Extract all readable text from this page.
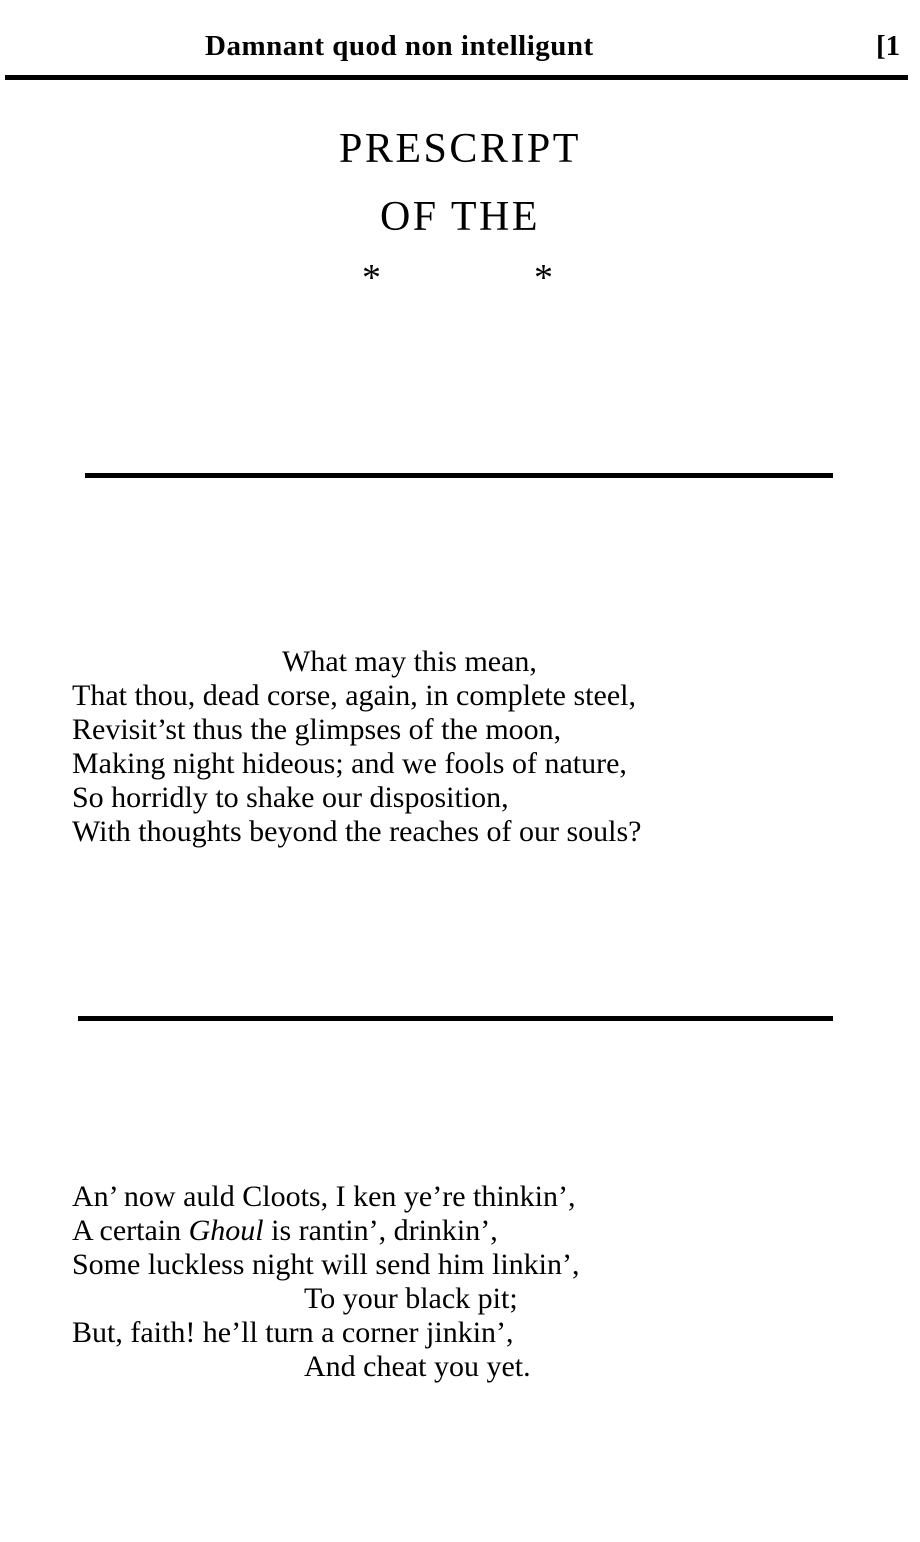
Damnant quod non intelligunt	[1
PRESCRIPT
OF THE
*	*
What may this mean,
That thou, dead corse, again, in complete steel,
Revisit’st thus the glimpses of the moon,
Making night hideous; and we fools of nature,
So horridly to shake our disposition,
With thoughts beyond the reaches of our souls?
An’ now auld Cloots, I ken ye’re thinkin’,
A certain Ghoul is rantin’, drinkin’,
Some luckless night will send him linkin’,
To your black pit;
But, faith! he’ll turn a corner jinkin’,
And cheat you yet.
